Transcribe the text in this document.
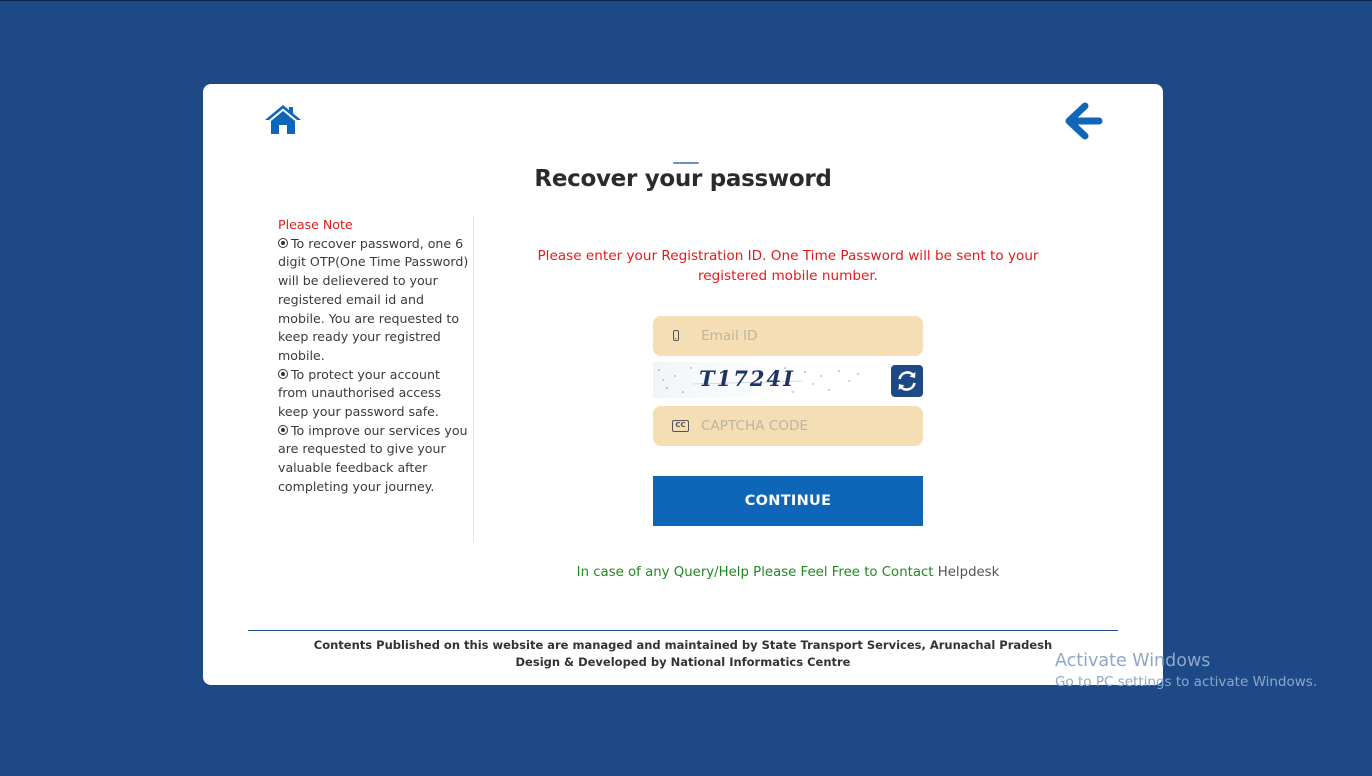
Recover your password
Please Note
To recover password, one 6 digit OTP(One Time Password) will be delievered to your registered email id and mobile. You are requested to keep ready your registred mobile.
To protect your account from unauthorised access keep your password safe.
To improve our services you are requested to give your valuable feedback after completing your journey.
Please enter your Registration ID. One Time Password will be sent to your registered mobile number.
Email ID
T1724I
CC
CAPTCHA CODE
CONTINUE
In case of any Query/Help Please Feel Free to Contact Helpdesk
Contents Published on this website are managed and maintained by State Transport Services, Arunachal Pradesh
Design & Developed by National Informatics Centre	Activate Windows
Go to PC settings to activate Windows.
